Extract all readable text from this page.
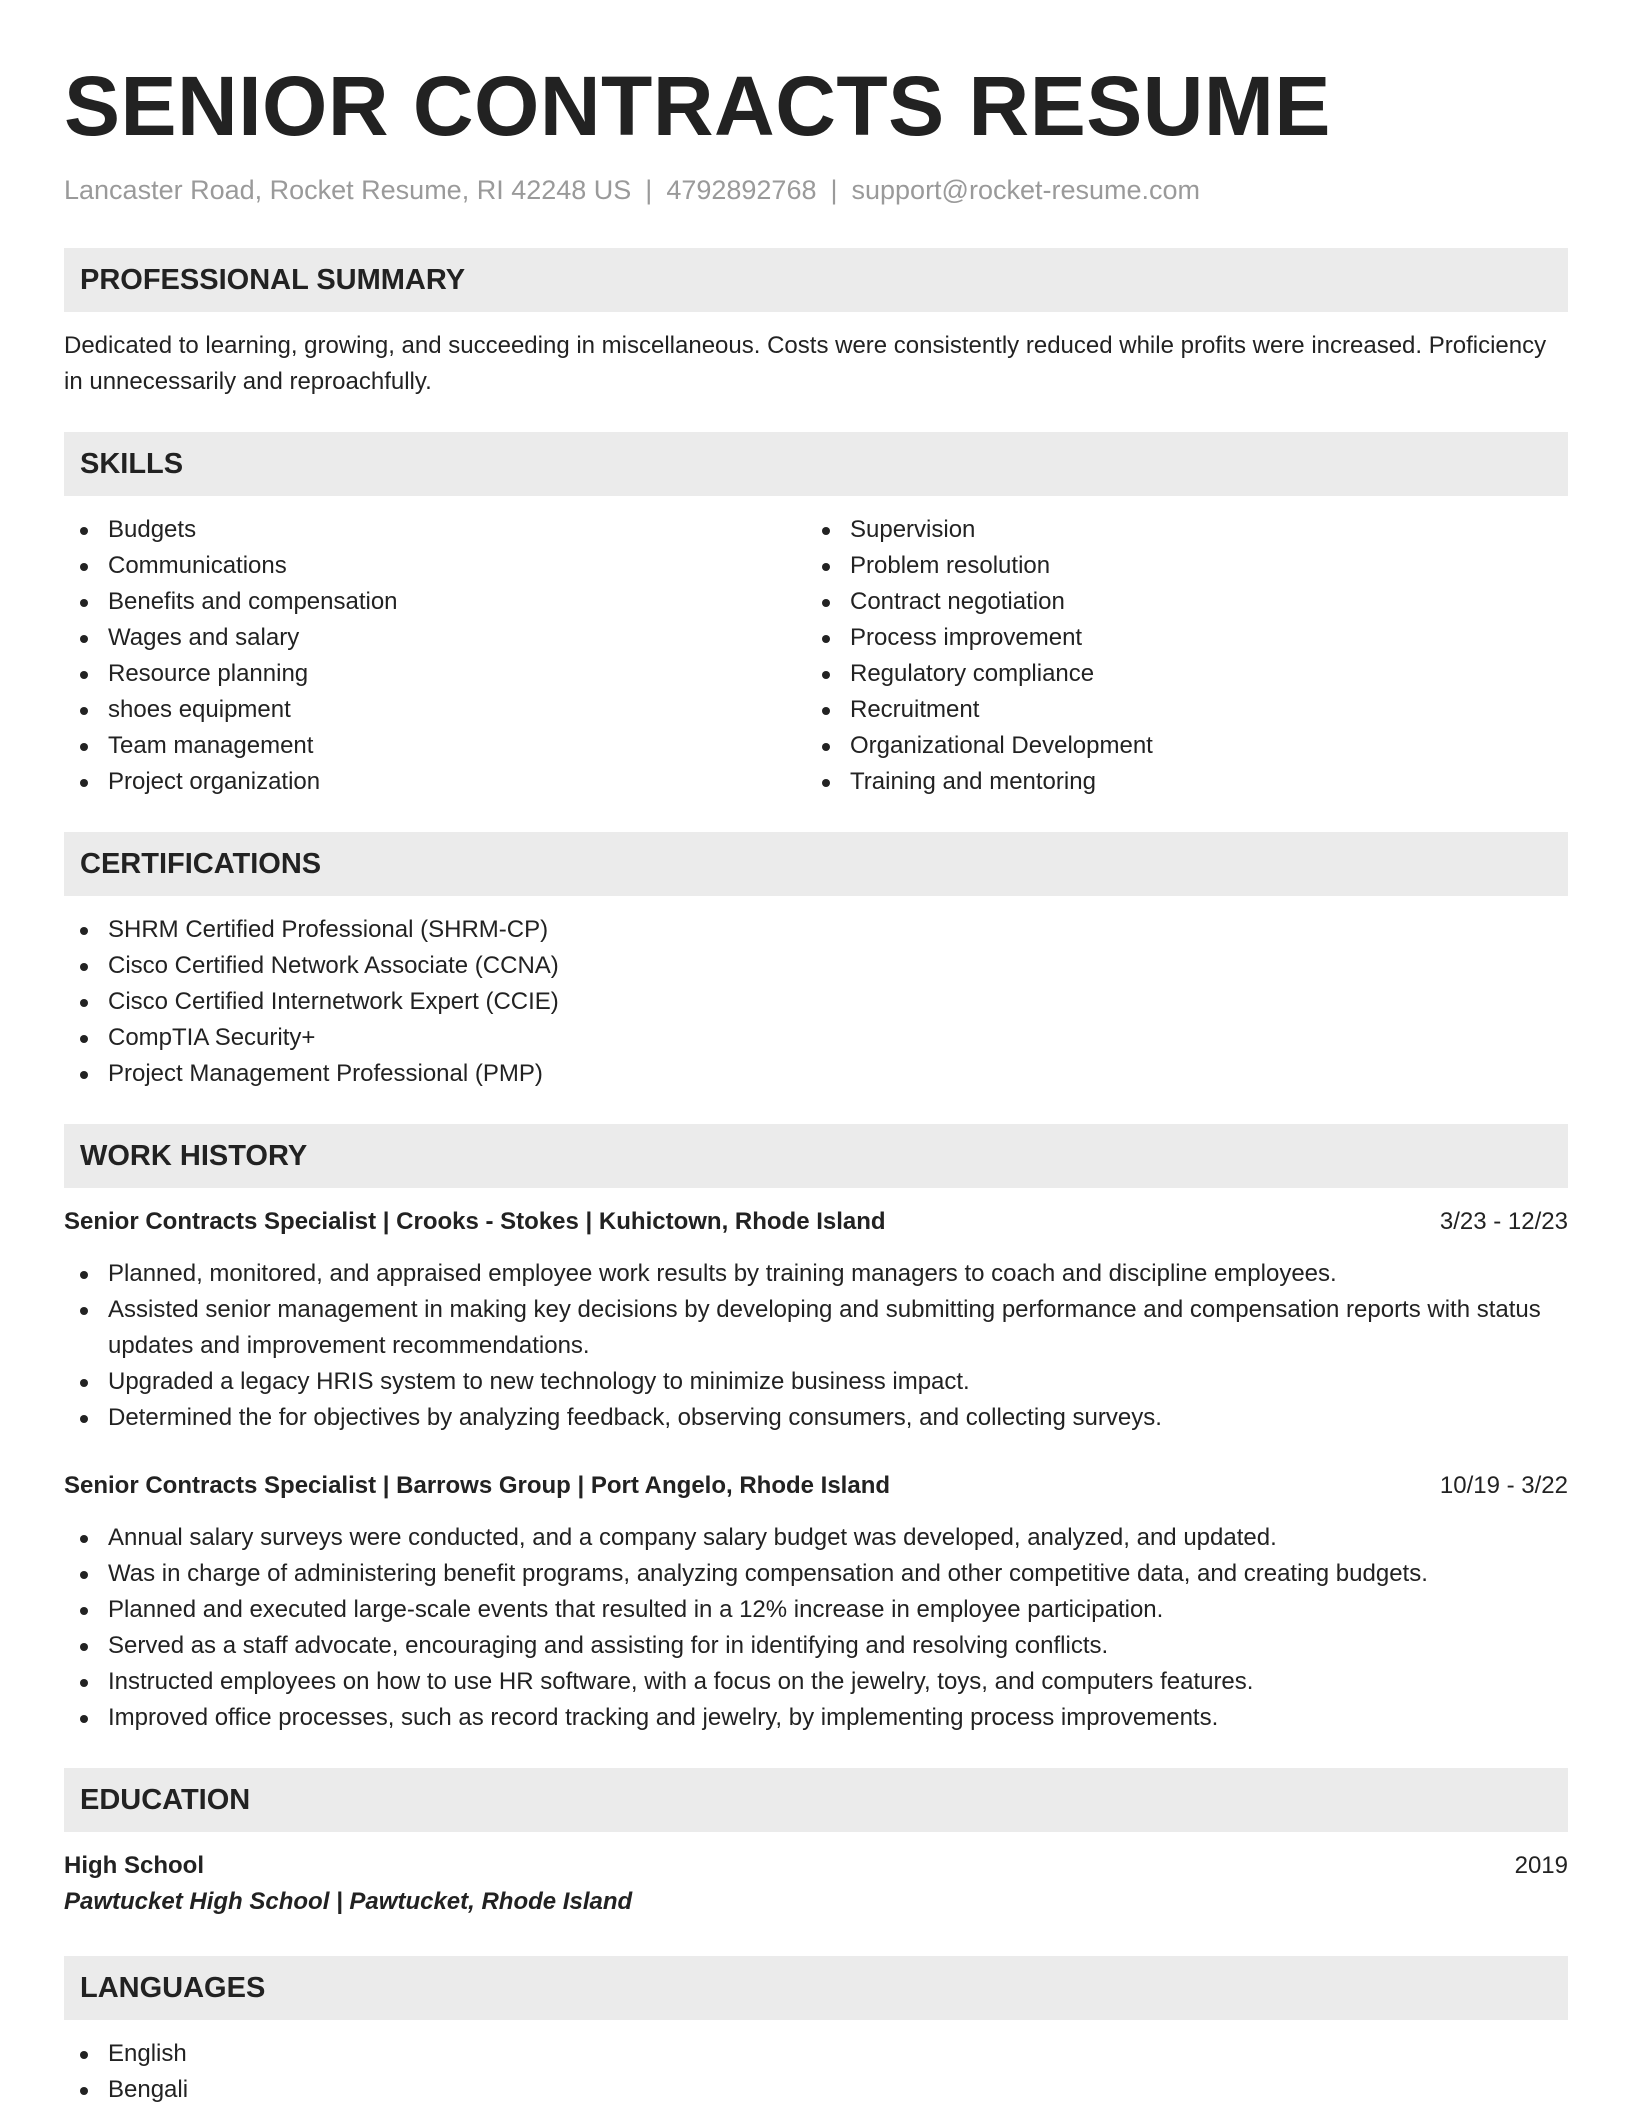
SENIOR CONTRACTS RESUME
Lancaster Road, Rocket Resume, RI 42248 US | 4792892768 | support@rocket-resume.com
PROFESSIONAL SUMMARY

Dedicated to learning, growing, and succeeding in miscellaneous. Costs were consistently reduced while profits were increased. Proficiency in unnecessarily and reproachfully.

SKILLS
Budgets
Communications
Benefits and compensation
Wages and salary
Resource planning
shoes equipment
Team management
Project organization
Supervision
Problem resolution
Contract negotiation
Process improvement
Regulatory compliance
Recruitment
Organizational Development
Training and mentoring
CERTIFICATIONS
SHRM Certified Professional (SHRM-CP)
Cisco Certified Network Associate (CCNA)
Cisco Certified Internetwork Expert (CCIE)
CompTIA Security+
Project Management Professional (PMP)
WORK HISTORY
Senior Contracts Specialist | Crooks - Stokes | Kuhictown, Rhode Island	3/23 - 12/23
Planned, monitored, and appraised employee work results by training managers to coach and discipline employees.
Assisted senior management in making key decisions by developing and submitting performance and compensation reports with status updates and improvement recommendations.
Upgraded a legacy HRIS system to new technology to minimize business impact.
Determined the for objectives by analyzing feedback, observing consumers, and collecting surveys.
Senior Contracts Specialist | Barrows Group | Port Angelo, Rhode Island	10/19 - 3/22
Annual salary surveys were conducted, and a company salary budget was developed, analyzed, and updated.
Was in charge of administering benefit programs, analyzing compensation and other competitive data, and creating budgets.
Planned and executed large-scale events that resulted in a 12% increase in employee participation.
Served as a staff advocate, encouraging and assisting for in identifying and resolving conflicts.
Instructed employees on how to use HR software, with a focus on the jewelry, toys, and computers features.
Improved office processes, such as record tracking and jewelry, by implementing process improvements.
EDUCATION
High School	2019
Pawtucket High School | Pawtucket, Rhode Island
LANGUAGES
English
Bengali
